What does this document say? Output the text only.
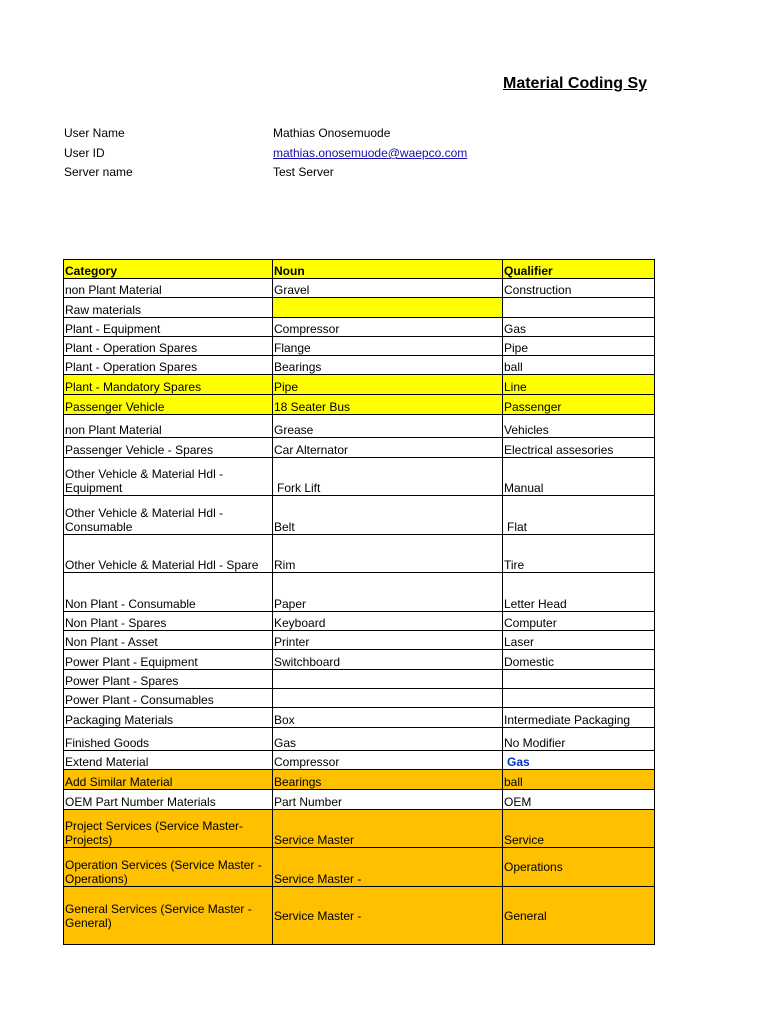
Material Coding Sy
User Name	Mathias Onosemuode
User ID	mathias.onosemuode@waepco.com
Server name	Test Server
Category	Noun	Qualifier
non Plant Material	Gravel	Construction
Raw materials		
Plant - Equipment	Compressor	Gas
Plant - Operation Spares	Flange	Pipe
Plant - Operation Spares	Bearings	ball
Plant - Mandatory Spares	Pipe	Line
Passenger Vehicle	18 Seater Bus	Passenger
non Plant Material	Grease	Vehicles
Passenger Vehicle - Spares	Car Alternator	Electrical assesories
Other Vehicle & Material Hdl - Equipment	Fork Lift	Manual
Other Vehicle & Material Hdl - Consumable	Belt	Flat
Other Vehicle & Material Hdl - Spare	Rim	Tire
Non Plant - Consumable	Paper	Letter Head
Non Plant - Spares	Keyboard	Computer
Non Plant - Asset	Printer	Laser
Power Plant - Equipment	Switchboard	Domestic
Power Plant - Spares		
Power Plant - Consumables		
Packaging Materials	Box	Intermediate Packaging
Finished Goods	Gas	No Modifier
Extend Material	Compressor	Gas
Add Similar Material	Bearings	ball
OEM Part Number Materials	Part Number	OEM
Project Services (Service Master-Projects)	Service Master	Service
Operation Services (Service Master - Operations)	Service Master -	Operations
General Services (Service Master - General)	Service Master -	General
